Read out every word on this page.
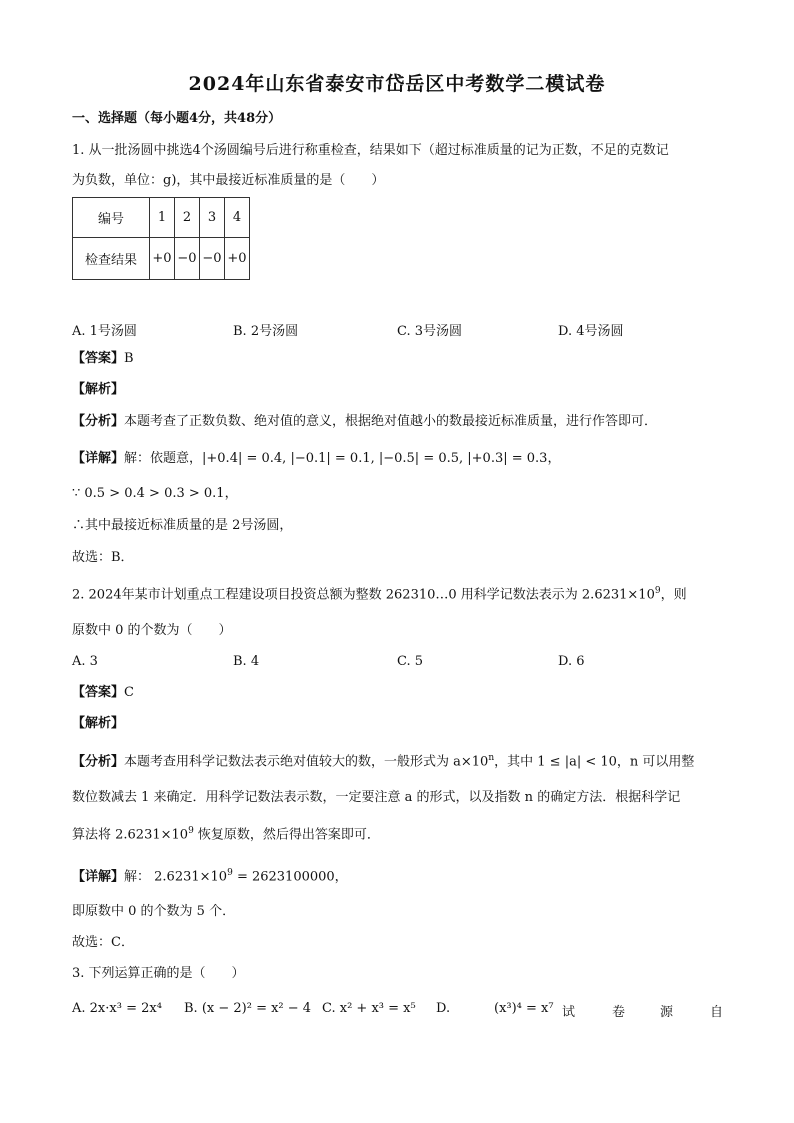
2024年山东省泰安市岱岳区中考数学二模试卷
一、选择题（每小题4分，共48分）
1. 从一批汤圆中挑选4个汤圆编号后进行称重检查，结果如下（超过标准质量的记为正数，不足的克数记
为负数，单位：g)，其中最接近标准质量的是（　　）
编号	1	2	3	4
检查结果	+0	−0	−0	+0
A. 1号汤圆	B. 2号汤圆	C. 3号汤圆	D. 4号汤圆
【答案】B
【解析】
【分析】本题考查了正数负数、绝对值的意义，根据绝对值越小的数最接近标准质量，进行作答即可．
【详解】解：依题意，|+0.4| = 0.4, |−0.1| = 0.1, |−0.5| = 0.5, |+0.3| = 0.3，
∵ 0.5 > 0.4 > 0.3 > 0.1，
∴其中最接近标准质量的是 2号汤圆，
故选：B．
2. 2024年某市计划重点工程建设项目投资总额为整数 262310…0 用科学记数法表示为 $2.6231\times 10^9$，则
原数中 0 的个数为（　　）
A. 3	B. 4	C. 5	D. 6
【答案】C
【解析】
【分析】本题考查用科学记数法表示绝对值较大的数，一般形式为 $a\times 10^n$，其中 1 ≤ |a| < 10，n 可以用整
数位数减去 1 来确定．用科学记数法表示数，一定要注意 a 的形式，以及指数 n 的确定方法．根据科学记
算法将 $2.6231\times 10^9$ 恢复原数，然后得出答案即可．
【详解】解： $2.6231\times 10^9 = 2623100000$，
即原数中 0 的个数为 5 个．
故选：C．
3. 下列运算正确的是（　　）
A. 2x·x³ = 2x⁴ B. (x − 2)² = x² − 4 C. x² + x³ = x⁵ D.	(x³)⁴ = x⁷ 试	卷	源	自
